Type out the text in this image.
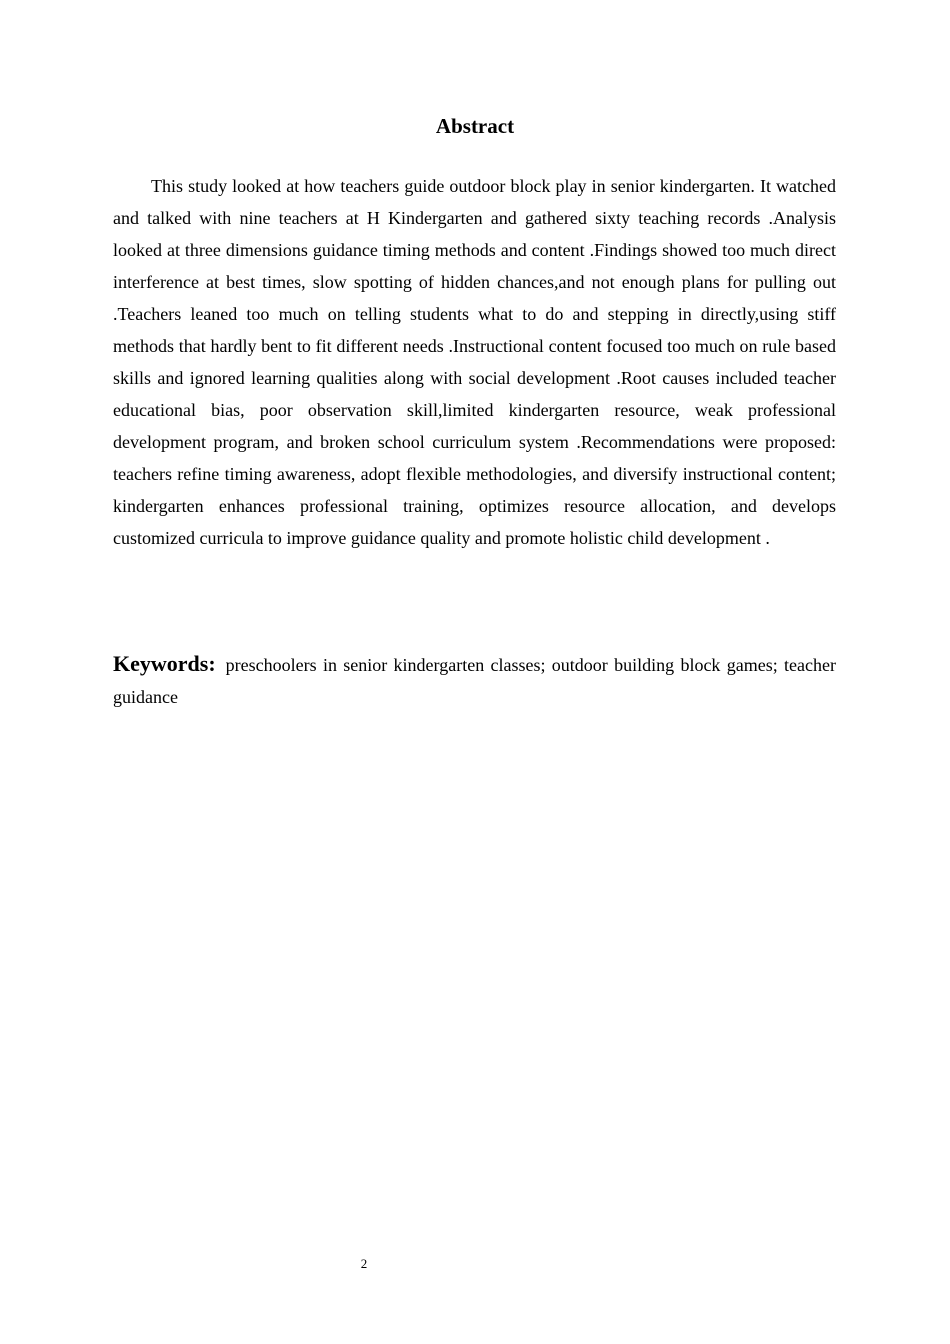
Abstract

This study looked at how teachers guide outdoor block play in senior kindergarten. It watched and talked with nine teachers at H Kindergarten and gathered sixty teaching records .Analysis looked at three dimensions guidance timing methods and content .Findings showed too much direct interference at best times, slow spotting of hidden chances,and not enough plans for pulling out .Teachers leaned too much on telling students what to do and stepping in directly,using stiff methods that hardly bent to fit different needs .Instructional content focused too much on rule based skills and ignored learning qualities along with social development .Root causes included teacher educational bias, poor observation skill,limited kindergarten resource, weak professional development program, and broken school curriculum system .Recommendations were proposed: teachers refine timing awareness, adopt flexible methodologies, and diversify instructional content; kindergarten enhances professional training, optimizes resource allocation, and develops customized curricula to improve guidance quality and promote holistic child development .

Keywords: preschoolers in senior kindergarten classes; outdoor building block games; teacher guidance

2
